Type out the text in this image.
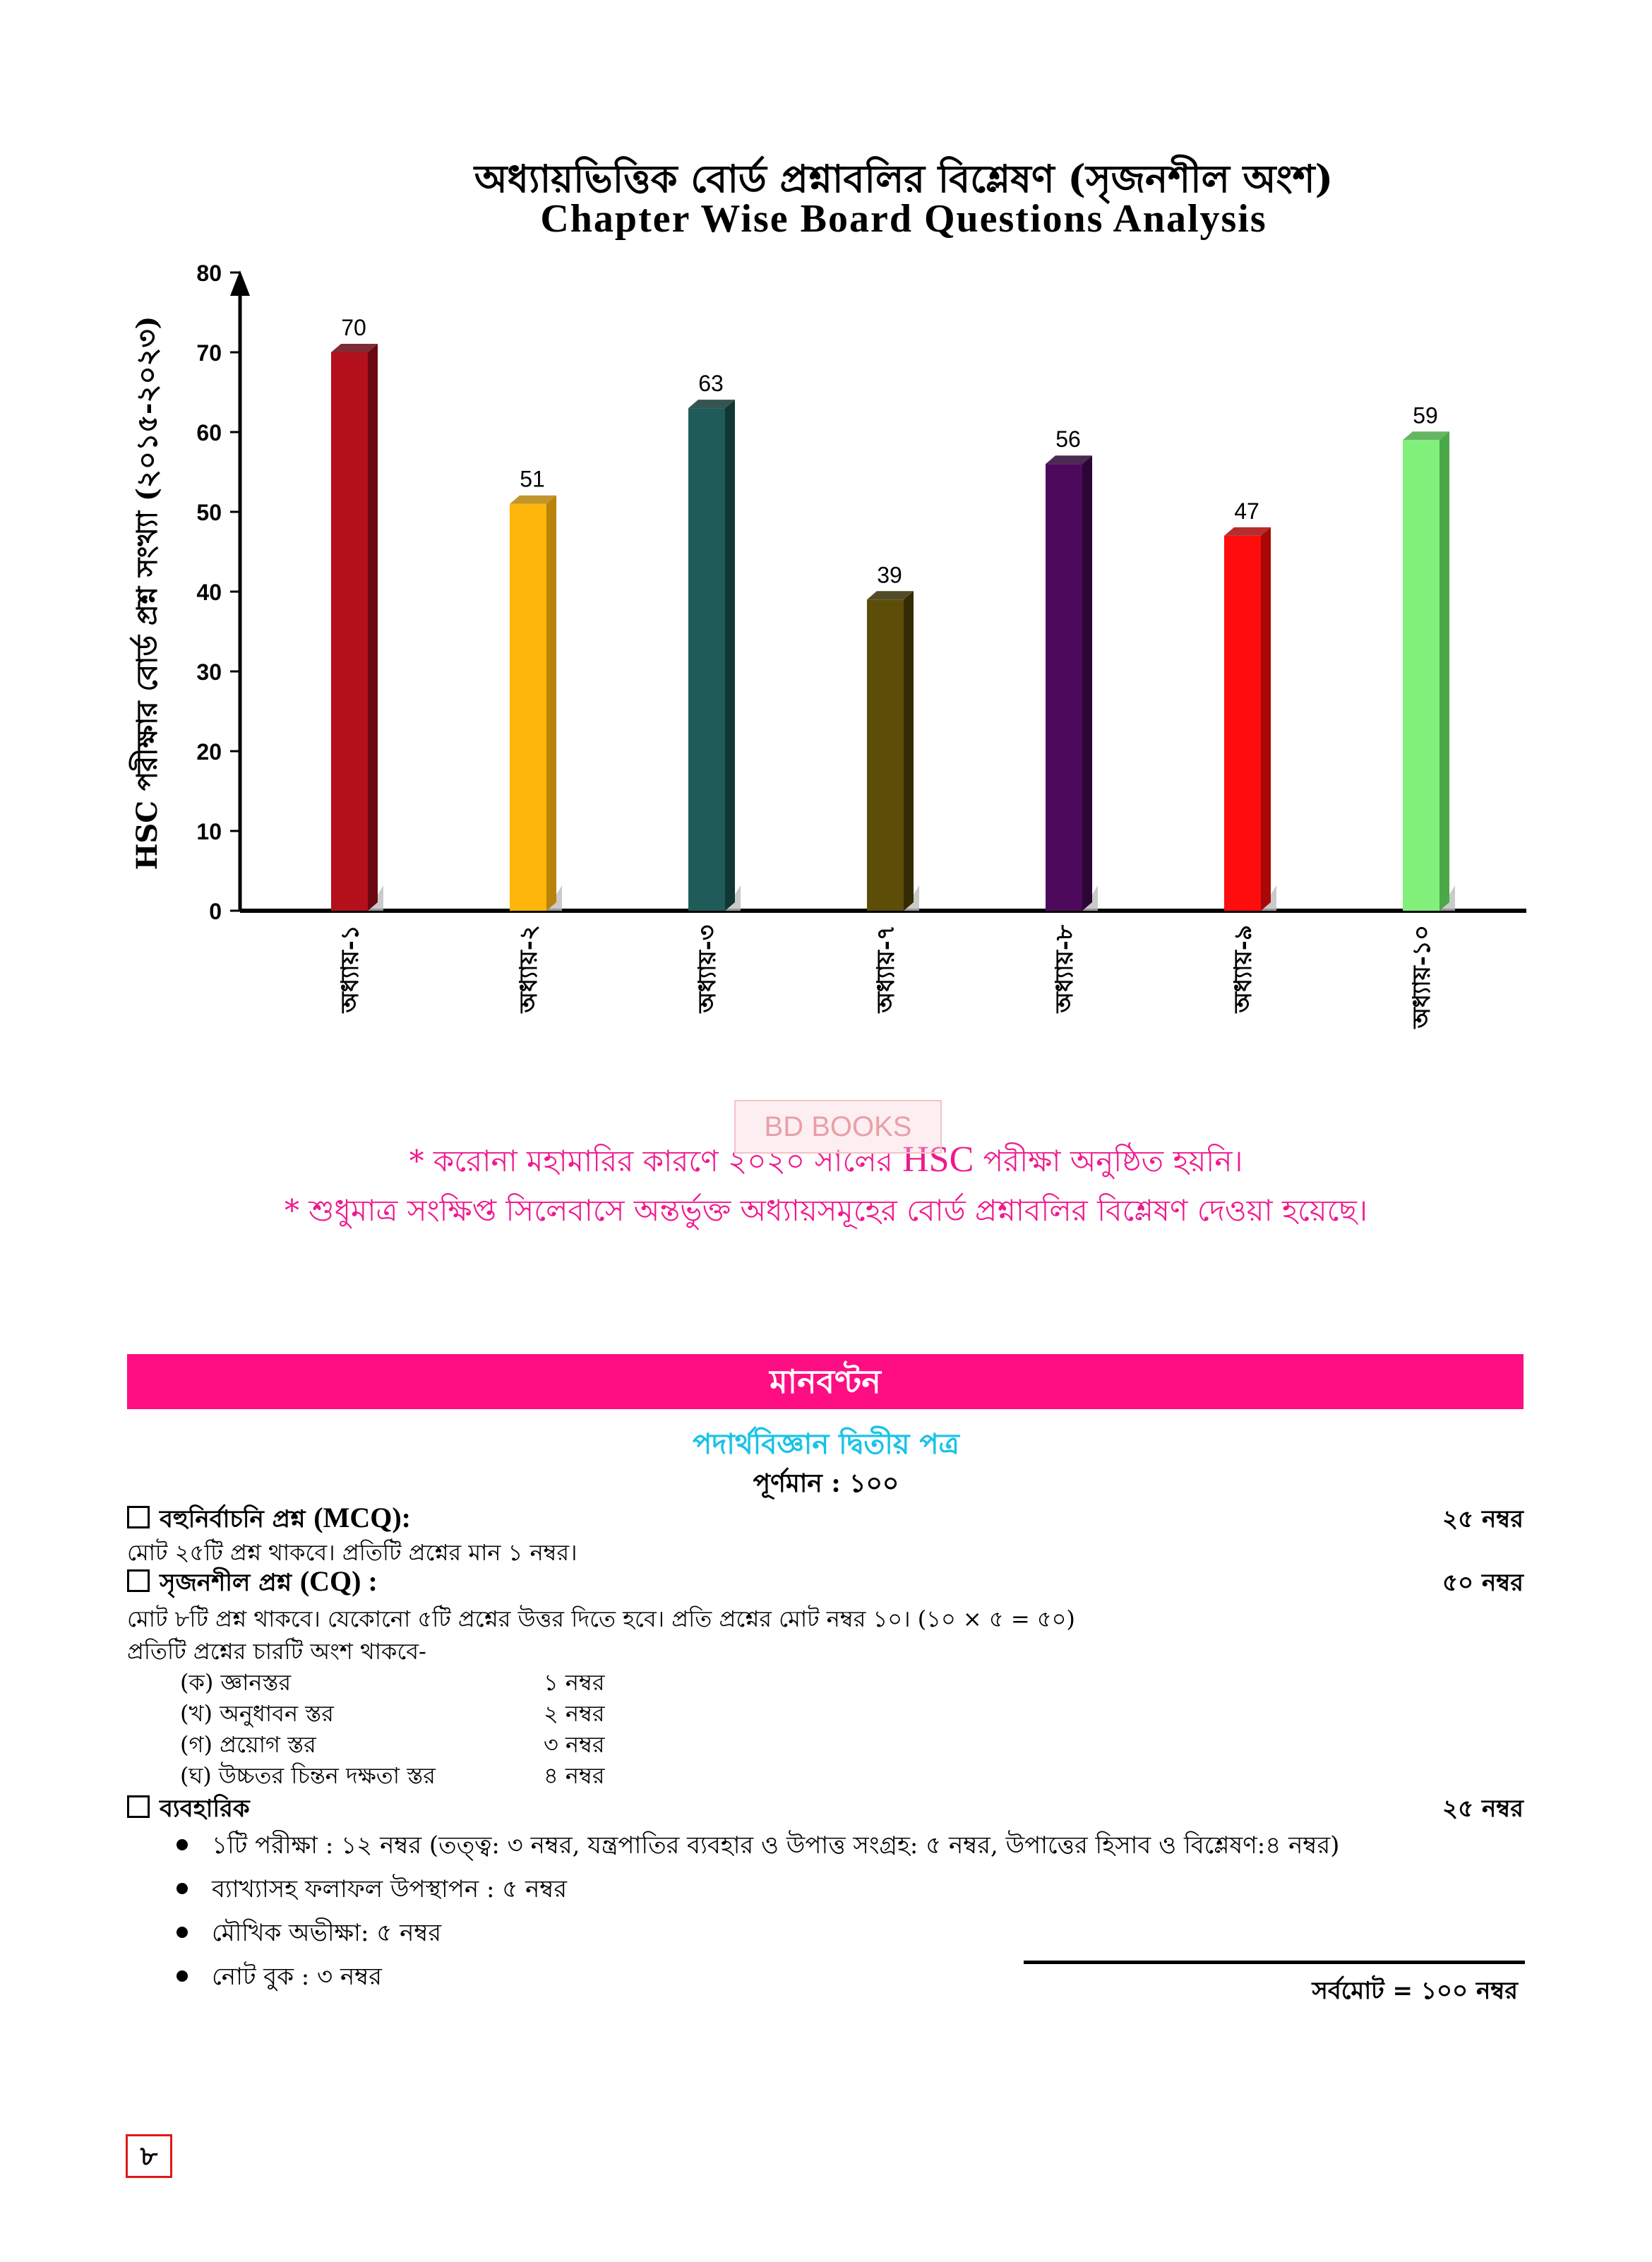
অধ্যায়ভিত্তিক বোর্ড প্রশ্নাবলির বিশ্লেষণ (সৃজনশীল অংশ)
Chapter Wise Board Questions Analysis
0
10
20
30
40
50
60
70
80
HSC পরীক্ষার বোর্ড প্রশ্ন সংখ্যা (২০১৫-২০২৩)	70
অধ্যায়-১
51
অধ্যায়-২
63
অধ্যায়-৩
39
অধ্যায়-৭
56
অধ্যায়-৮
47
অধ্যায়-৯
59
অধ্যায়-১০
* করোনা মহামারির কারণে ২০২০ সালের HSC পরীক্ষা অনুষ্ঠিত হয়নি।
* শুধুমাত্র সংক্ষিপ্ত সিলেবাসে অন্তর্ভুক্ত অধ্যায়সমূহের বোর্ড প্রশ্নাবলির বিশ্লেষণ দেওয়া হয়েছে।
BD BOOKS
মানবণ্টন
পদার্থবিজ্ঞান দ্বিতীয় পত্র
পূর্ণমান : ১০০
বহুনির্বাচনি প্রশ্ন (MCQ):	২৫ নম্বর
মোট ২৫টি প্রশ্ন থাকবে। প্রতিটি প্রশ্নের মান ১ নম্বর।
সৃজনশীল প্রশ্ন (CQ) :	৫০ নম্বর
মোট ৮টি প্রশ্ন থাকবে। যেকোনো ৫টি প্রশ্নের উত্তর দিতে হবে। প্রতি প্রশ্নের মোট নম্বর ১০। (১০ × ৫ = ৫০)
প্রতিটি প্রশ্নের চারটি অংশ থাকবে-
(ক) জ্ঞানস্তর	১ নম্বর
(খ) অনুধাবন স্তর	২ নম্বর
(গ) প্রয়োগ স্তর	৩ নম্বর
(ঘ) উচ্চতর চিন্তন দক্ষতা স্তর	৪ নম্বর
ব্যবহারিক	২৫ নম্বর
১টি পরীক্ষা : ১২ নম্বর (তত্ত্ব: ৩ নম্বর, যন্ত্রপাতির ব্যবহার ও উপাত্ত সংগ্রহ: ৫ নম্বর, উপাত্তের হিসাব ও বিশ্লেষণ:৪ নম্বর)
ব্যাখ্যাসহ ফলাফল উপস্থাপন : ৫ নম্বর
মৌখিক অভীক্ষা: ৫ নম্বর
নোট বুক : ৩ নম্বর	সর্বমোট = ১০০ নম্বর
৮
